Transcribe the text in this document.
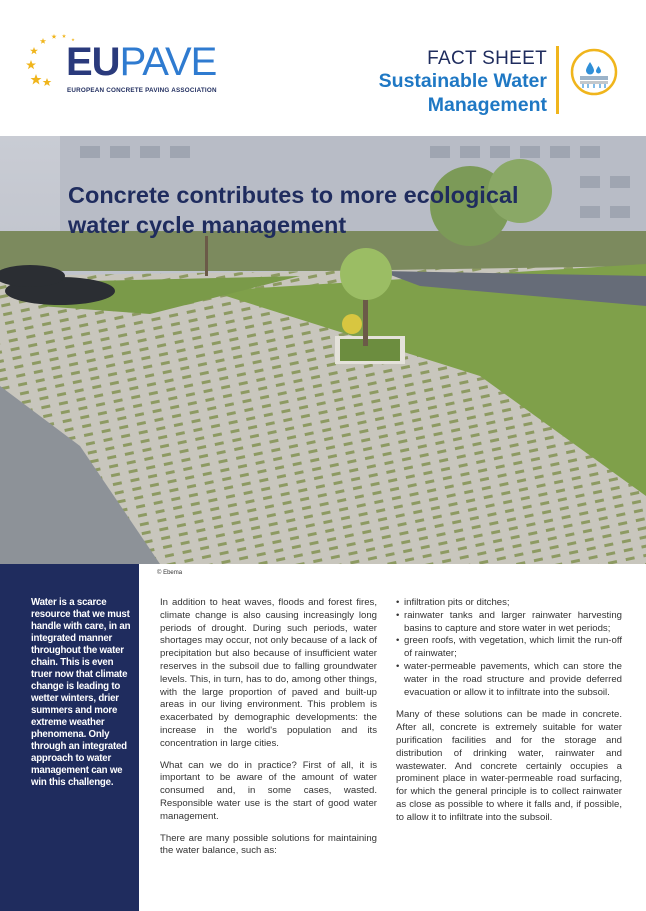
EUPAVE
EUROPEAN CONCRETE PAVING ASSOCIATION
FACT SHEET
Sustainable Water Management
Concrete contributes to more ecological water cycle management
© Ebema

Water is a scarce resource that we must handle with care, in an integrated manner throughout the water chain. This is even truer now that climate change is leading to wetter winters, drier summers and more extreme weather phenomena. Only through an integrated approach to water management can we win this challenge.

In addition to heat waves, floods and forest fires, climate change is also causing increasingly long periods of drought. During such periods, water shortages may occur, not only because of a lack of precipitation but also because of insufficient water reserves in the subsoil due to falling groundwater levels. This, in turn, has to do, among other things, with the large proportion of paved and built-up areas in our living environment. This problem is exacerbated by demographic developments: the increase in the world's population and its concentration in large cities.

What can we do in practice? First of all, it is important to be aware of the amount of water consumed and, in some cases, wasted. Responsible water use is the start of good water management.

There are many possible solutions for maintaining the water balance, such as:

• infiltration pits or ditches;
• rainwater tanks and larger rainwater harvesting basins to capture and store water in wet periods;
• green roofs, with vegetation, which limit the run-off of rainwater;
• water-permeable pavements, which can store the water in the road structure and provide deferred evacuation or allow it to infiltrate into the subsoil.

Many of these solutions can be made in concrete. After all, concrete is extremely suitable for water purification facilities and for the storage and distribution of drinking water, rainwater and wastewater. And concrete certainly occupies a prominent place in water-permeable road surfacing, for which the general principle is to collect rainwater as close as possible to where it falls and, if possible, to allow it to infiltrate into the subsoil.
